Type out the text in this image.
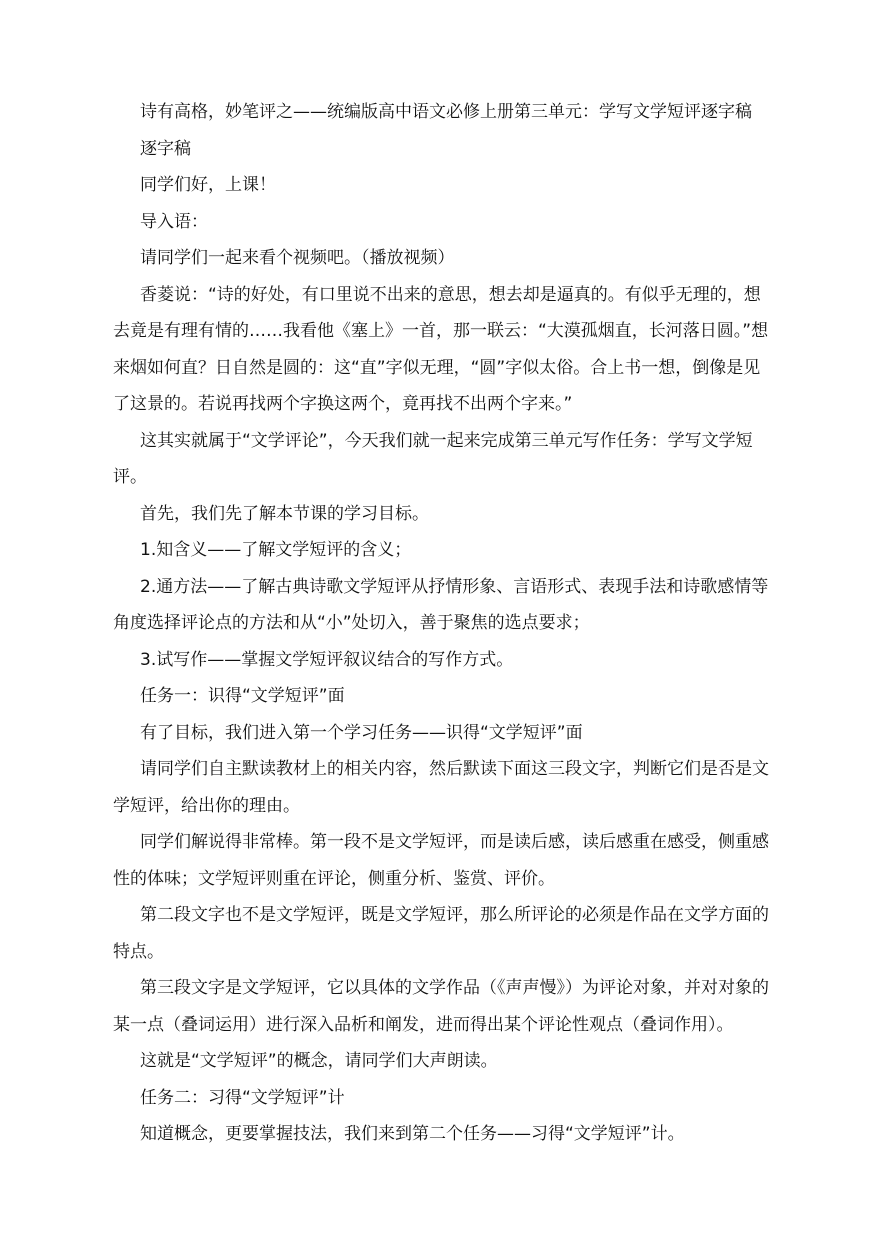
诗有高格，妙笔评之——统编版高中语文必修上册第三单元：学写文学短评逐字稿

逐字稿

同学们好，上课！

导入语：

请同学们一起来看个视频吧。（播放视频）

香菱说：“诗的好处，有口里说不出来的意思，想去却是逼真的。有似乎无理的，想去竟是有理有情的……我看他《塞上》一首，那一联云：“大漠孤烟直，长河落日圆。”想来烟如何直？日自然是圆的：这“直”字似无理，“圆”字似太俗。合上书一想，倒像是见了这景的。若说再找两个字换这两个，竟再找不出两个字来。”

这其实就属于“文学评论”，今天我们就一起来完成第三单元写作任务：学写文学短评。

首先，我们先了解本节课的学习目标。

1.知含义——了解文学短评的含义；

2.通方法——了解古典诗歌文学短评从抒情形象、言语形式、表现手法和诗歌感情等角度选择评论点的方法和从“小”处切入，善于聚焦的选点要求；

3.试写作——掌握文学短评叙议结合的写作方式。

任务一：识得“文学短评”面

有了目标，我们进入第一个学习任务——识得“文学短评”面

请同学们自主默读教材上的相关内容，然后默读下面这三段文字，判断它们是否是文学短评，给出你的理由。

同学们解说得非常棒。第一段不是文学短评，而是读后感，读后感重在感受，侧重感性的体味；文学短评则重在评论，侧重分析、鉴赏、评价。

第二段文字也不是文学短评，既是文学短评，那么所评论的必须是作品在文学方面的特点。

第三段文字是文学短评，它以具体的文学作品（《声声慢》）为评论对象，并对对象的某一点（叠词运用）进行深入品析和阐发，进而得出某个评论性观点（叠词作用）。

这就是“文学短评”的概念，请同学们大声朗读。

任务二：习得“文学短评”计

知道概念，更要掌握技法，我们来到第二个任务——习得“文学短评”计。
